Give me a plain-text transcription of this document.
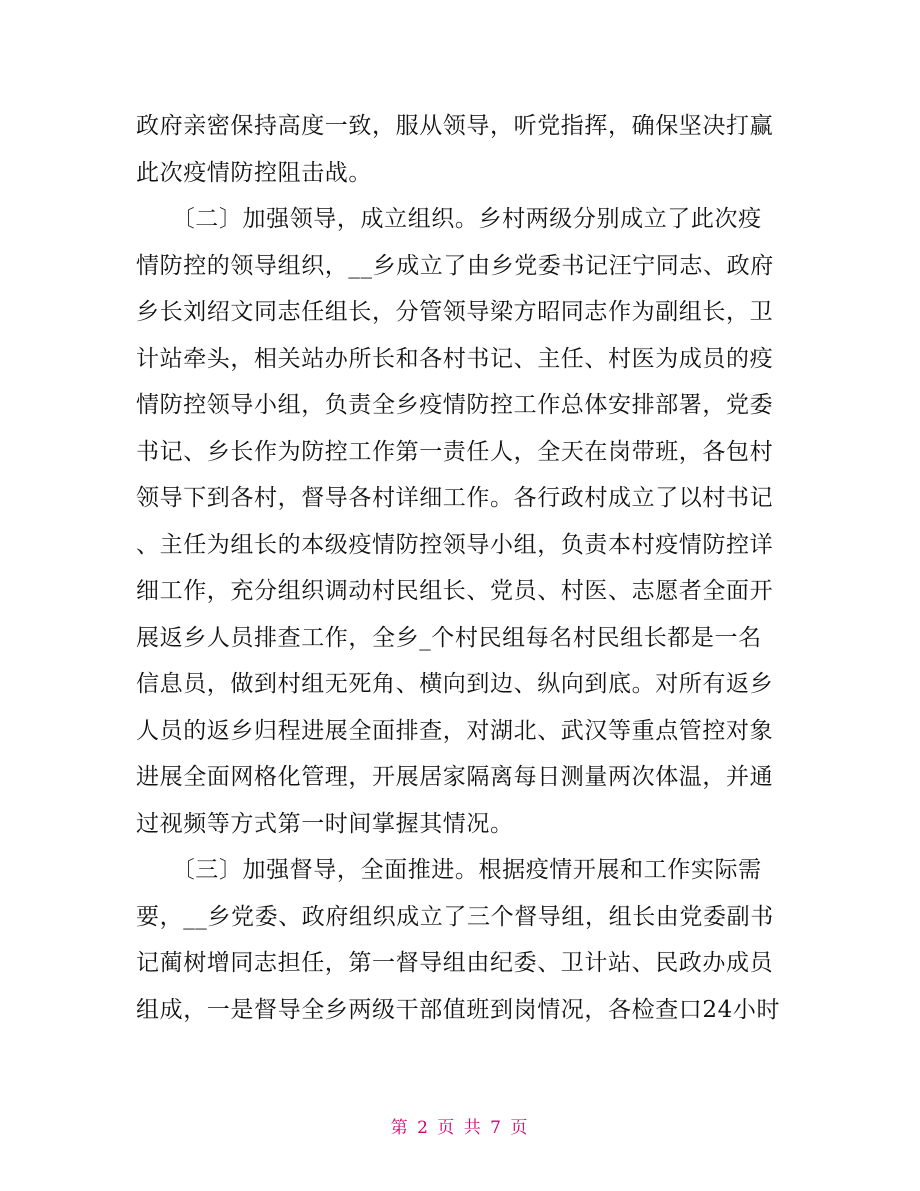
政府亲密保持高度一致，服从领导，听党指挥，确保坚决打赢
此次疫情防控阻击战。
　　〔二〕加强领导，成立组织。乡村两级分别成立了此次疫
情防控的领导组织，__乡成立了由乡党委书记汪宁同志、政府
乡长刘绍文同志任组长，分管领导梁方昭同志作为副组长，卫
计站牵头，相关站办所长和各村书记、主任、村医为成员的疫
情防控领导小组，负责全乡疫情防控工作总体安排部署，党委
书记、乡长作为防控工作第一责任人，全天在岗带班，各包村
领导下到各村，督导各村详细工作。各行政村成立了以村书记
、主任为组长的本级疫情防控领导小组，负责本村疫情防控详
细工作，充分组织调动村民组长、党员、村医、志愿者全面开
展返乡人员排查工作，全乡_个村民组每名村民组长都是一名
信息员，做到村组无死角、横向到边、纵向到底。对所有返乡
人员的返乡归程进展全面排查，对湖北、武汉等重点管控对象
进展全面网格化管理，开展居家隔离每日测量两次体温，并通
过视频等方式第一时间掌握其情况。
　　〔三〕加强督导，全面推进。根据疫情开展和工作实际需
要，__乡党委、政府组织成立了三个督导组，组长由党委副书
记蔺树增同志担任，第一督导组由纪委、卫计站、民政办成员
组成，一是督导全乡两级干部值班到岗情况，各检查口24小时
第 2 页 共 7 页
